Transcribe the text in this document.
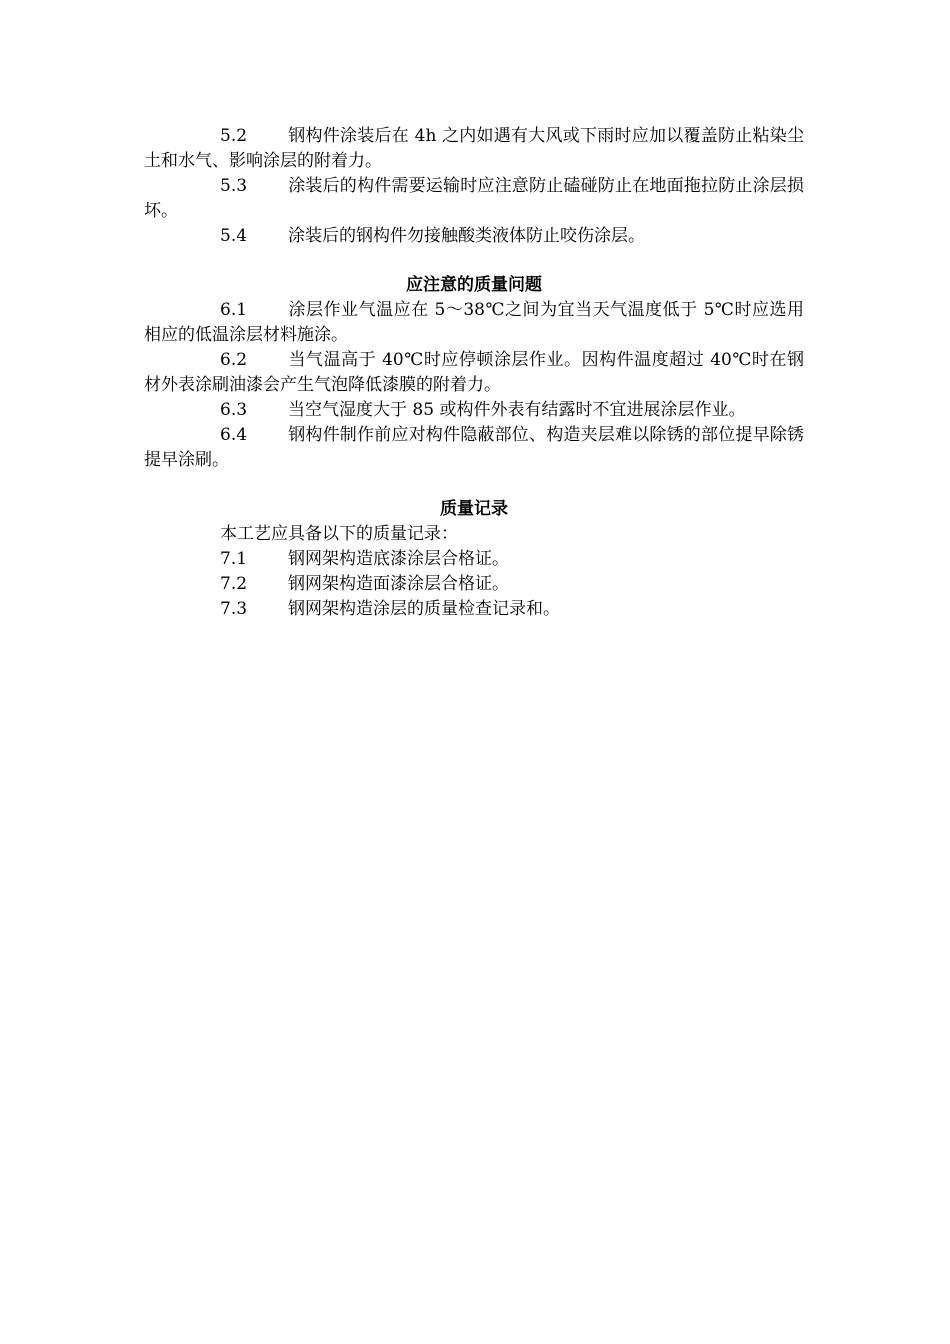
5.2 钢构件涂装后在 4h 之内如遇有大风或下雨时应加以覆盖防止粘染尘土和水气、影响涂层的附着力。

5.3 涂装后的构件需要运输时应注意防止磕碰防止在地面拖拉防止涂层损坏。

5.4 涂装后的钢构件勿接触酸类液体防止咬伤涂层。

应注意的质量问题

6.1 涂层作业气温应在 5～38℃之间为宜当天气温度低于 5℃时应选用相应的低温涂层材料施涂。

6.2 当气温高于 40℃时应停顿涂层作业。因构件温度超过 40℃时在钢材外表涂刷油漆会产生气泡降低漆膜的附着力。

6.3 当空气湿度大于 85 或构件外表有结露时不宜进展涂层作业。

6.4 钢构件制作前应对构件隐蔽部位、构造夹层难以除锈的部位提早除锈提早涂刷。

质量记录

本工艺应具备以下的质量记录：

7.1 钢网架构造底漆涂层合格证。

7.2 钢网架构造面漆涂层合格证。

7.3 钢网架构造涂层的质量检查记录和。
